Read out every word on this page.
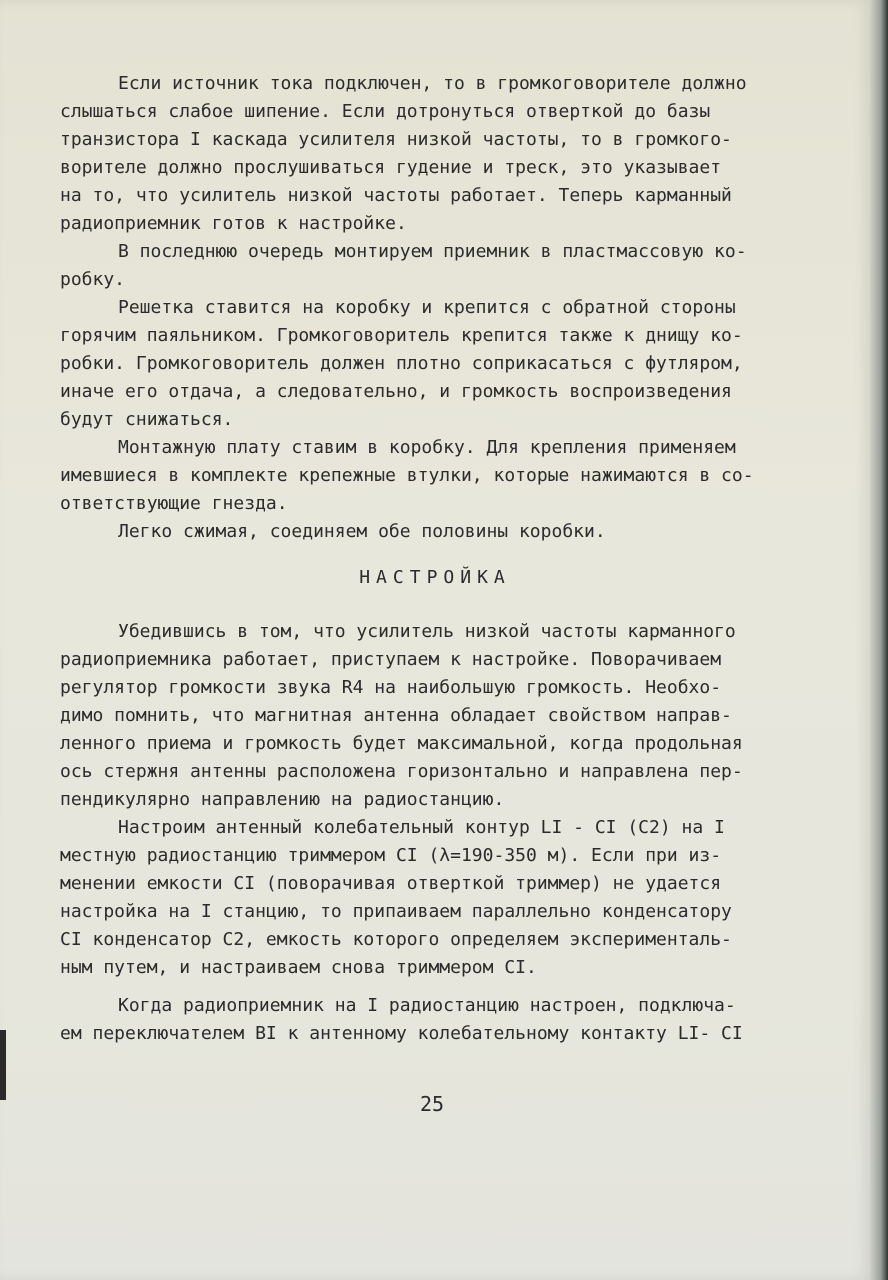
Если источник тока подключен, то в громкоговорителе должно
слышаться слабое шипение. Если дотронуться отверткой до базы
транзистора I каскада усилителя низкой частоты, то в громкого-
ворителе должно прослушиваться гудение и треск, это указывает
на то, что усилитель низкой частоты работает. Теперь карманный
радиоприемник готов к настройке.
В последнюю очередь монтируем приемник в пластмассовую ко-
робку.
Решетка ставится на коробку и крепится с обратной стороны
горячим паяльником. Громкоговоритель крепится также к днищу ко-
робки. Громкоговоритель должен плотно соприкасаться с футляром,
иначе его отдача, а следовательно, и громкость воспроизведения
будут снижаться.
Монтажную плату ставим в коробку. Для крепления применяем
имевшиеся в комплекте крепежные втулки, которые нажимаются в со-
ответствующие гнезда.
Легко сжимая, соединяем обе половины коробки.
НАСТРОЙКА
Убедившись в том, что усилитель низкой частоты карманного
радиоприемника работает, приступаем к настройке. Поворачиваем
регулятор громкости звука R4 на наибольшую громкость. Необхо-
димо помнить, что магнитная антенна обладает свойством направ-
ленного приема и громкость будет максимальной, когда продольная
ось стержня антенны расположена горизонтально и направлена пер-
пендикулярно направлению на радиостанцию.
Настроим антенный колебательный контур LI - CI (C2) на I
местную радиостанцию триммером CI (λ=190-350 м). Если при из-
менении емкости CI (поворачивая отверткой триммер) не удается
настройка на I станцию, то припаиваем параллельно конденсатору
CI конденсатор C2, емкость которого определяем эксперименталь-
ным путем, и настраиваем снова триммером CI.
Когда радиоприемник на I радиостанцию настроен, подключа-
ем переключателем BI к антенному колебательному контакту LI- CI
25
